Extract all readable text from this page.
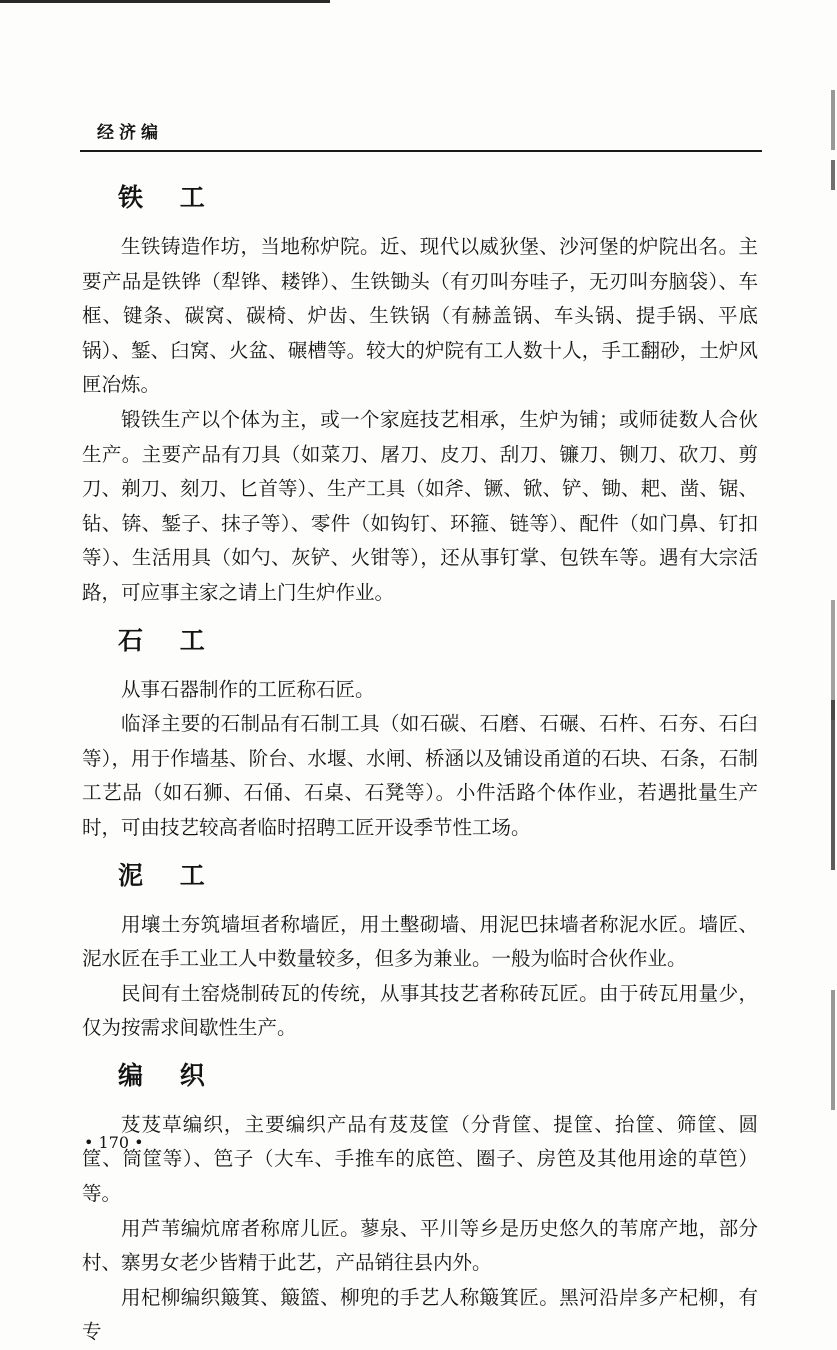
经济编
铁 工

生铁铸造作坊，当地称炉院。近、现代以威狄堡、沙河堡的炉院出名。主要产品是铁铧（犁铧、耧铧）、生铁锄头（有刃叫夯哇子，无刃叫夯脑袋）、车框、键条、碳窝、碳椅、炉齿、生铁锅（有赫盖锅、车头锅、提手锅、平底锅）、錾、臼窝、火盆、碾槽等。较大的炉院有工人数十人，手工翻砂，土炉风匣冶炼。

锻铁生产以个体为主，或一个家庭技艺相承，生炉为铺；或师徒数人合伙生产。主要产品有刀具（如菜刀、屠刀、皮刀、刮刀、镰刀、铡刀、砍刀、剪刀、剃刀、刻刀、匕首等）、生产工具（如斧、镢、锨、铲、锄、耙、凿、锯、钻、锛、錾子、抹子等）、零件（如钩钉、环箍、链等）、配件（如门鼻、钉扣等）、生活用具（如勺、灰铲、火钳等），还从事钉掌、包铁车等。遇有大宗活路，可应事主家之请上门生炉作业。

石 工

从事石器制作的工匠称石匠。

临泽主要的石制品有石制工具（如石碳、石磨、石碾、石杵、石夯、石臼等），用于作墙基、阶台、水堰、水闸、桥涵以及铺设甬道的石块、石条，石制工艺品（如石狮、石俑、石桌、石凳等）。小件活路个体作业，若遇批量生产时，可由技艺较高者临时招聘工匠开设季节性工场。

泥 工

用壤土夯筑墙垣者称墙匠，用土墼砌墙、用泥巴抹墙者称泥水匠。墙匠、泥水匠在手工业工人中数量较多，但多为兼业。一般为临时合伙作业。

民间有土窑烧制砖瓦的传统，从事其技艺者称砖瓦匠。由于砖瓦用量少，仅为按需求间歇性生产。

编 织

芨芨草编织，主要编织产品有芨芨筐（分背筐、提筐、抬筐、筛筐、圆筐、筒筐等）、笆子（大车、手推车的底笆、圈子、房笆及其他用途的草笆）等。

用芦苇编炕席者称席儿匠。蓼泉、平川等乡是历史悠久的苇席产地，部分村、寨男女老少皆精于此艺，产品销往县内外。

用杞柳编织簸箕、簸篮、柳兜的手艺人称簸箕匠。黑河沿岸多产杞柳，有专

• 170 •
